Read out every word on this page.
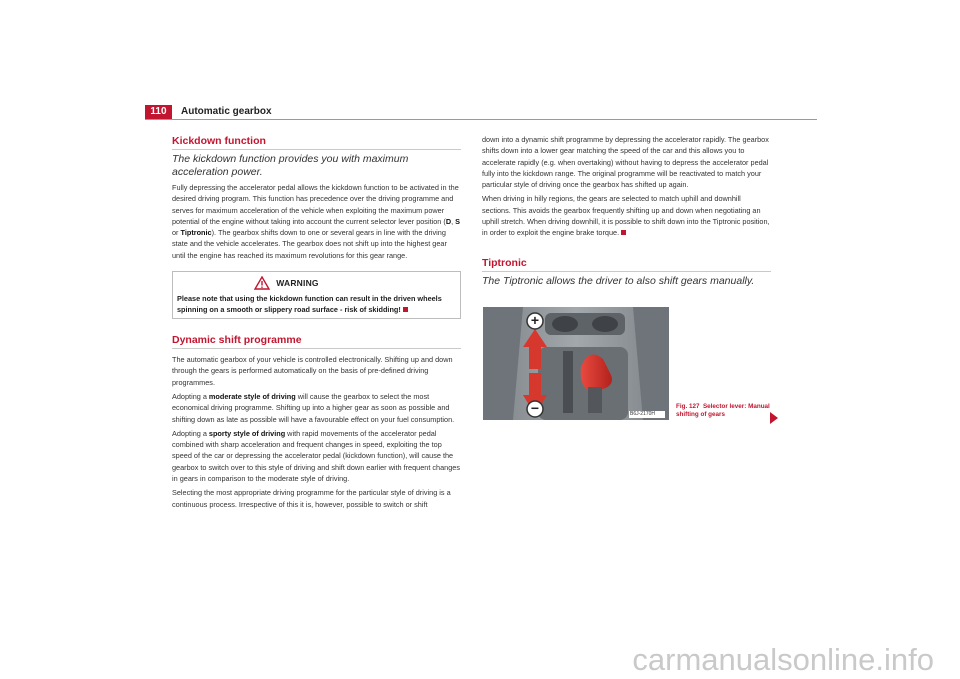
110	Automatic gearbox
Kickdown function
The kickdown function provides you with maximum acceleration power.

Fully depressing the accelerator pedal allows the kickdown function to be activated in the desired driving program. This function has precedence over the driving programme and serves for maximum acceleration of the vehicle when exploiting the maximum power potential of the engine without taking into account the current selector lever position (D, S or Tiptronic). The gearbox shifts down to one or several gears in line with the driving state and the vehicle accelerates. The gearbox does not shift up into the highest gear until the engine has reached its maximum revolutions for this gear range.

WARNING
Please note that using the kickdown function can result in the driven wheels spinning on a smooth or slippery road surface - risk of skidding!
Dynamic shift programme

The automatic gearbox of your vehicle is controlled electronically. Shifting up and down through the gears is performed automatically on the basis of pre-defined driving programmes.

Adopting a moderate style of driving will cause the gearbox to select the most economical driving programme. Shifting up into a higher gear as soon as possible and shifting down as late as possible will have a favourable effect on your fuel consumption.

Adopting a sporty style of driving with rapid movements of the accelerator pedal combined with sharp acceleration and frequent changes in speed, exploiting the top speed of the car or depressing the accelerator pedal (kickdown function), will cause the gearbox to switch over to this style of driving and shift down earlier with frequent changes in gears in comparison to the moderate style of driving.

Selecting the most appropriate driving programme for the particular style of driving is a continuous process. Irrespective of this it is, however, possible to switch or shift

down into a dynamic shift programme by depressing the accelerator rapidly. The gearbox shifts down into a lower gear matching the speed of the car and this allows you to accelerate rapidly (e.g. when overtaking) without having to depress the accelerator pedal fully into the kickdown range. The original programme will be reactivated to match your particular style of driving once the gearbox has shifted up again.

When driving in hilly regions, the gears are selected to match uphill and downhill sections. This avoids the gearbox frequently shifting up and down when negotiating an uphill stretch. When driving downhill, it is possible to shift down into the Tiptronic position, in order to exploit the engine brake torque.

Tiptronic
The Tiptronic allows the driver to also shift gears manually.
+
−	B6J-2170H
Fig. 127 Selector lever: Manual shifting of gears
carmanualsonline.info
